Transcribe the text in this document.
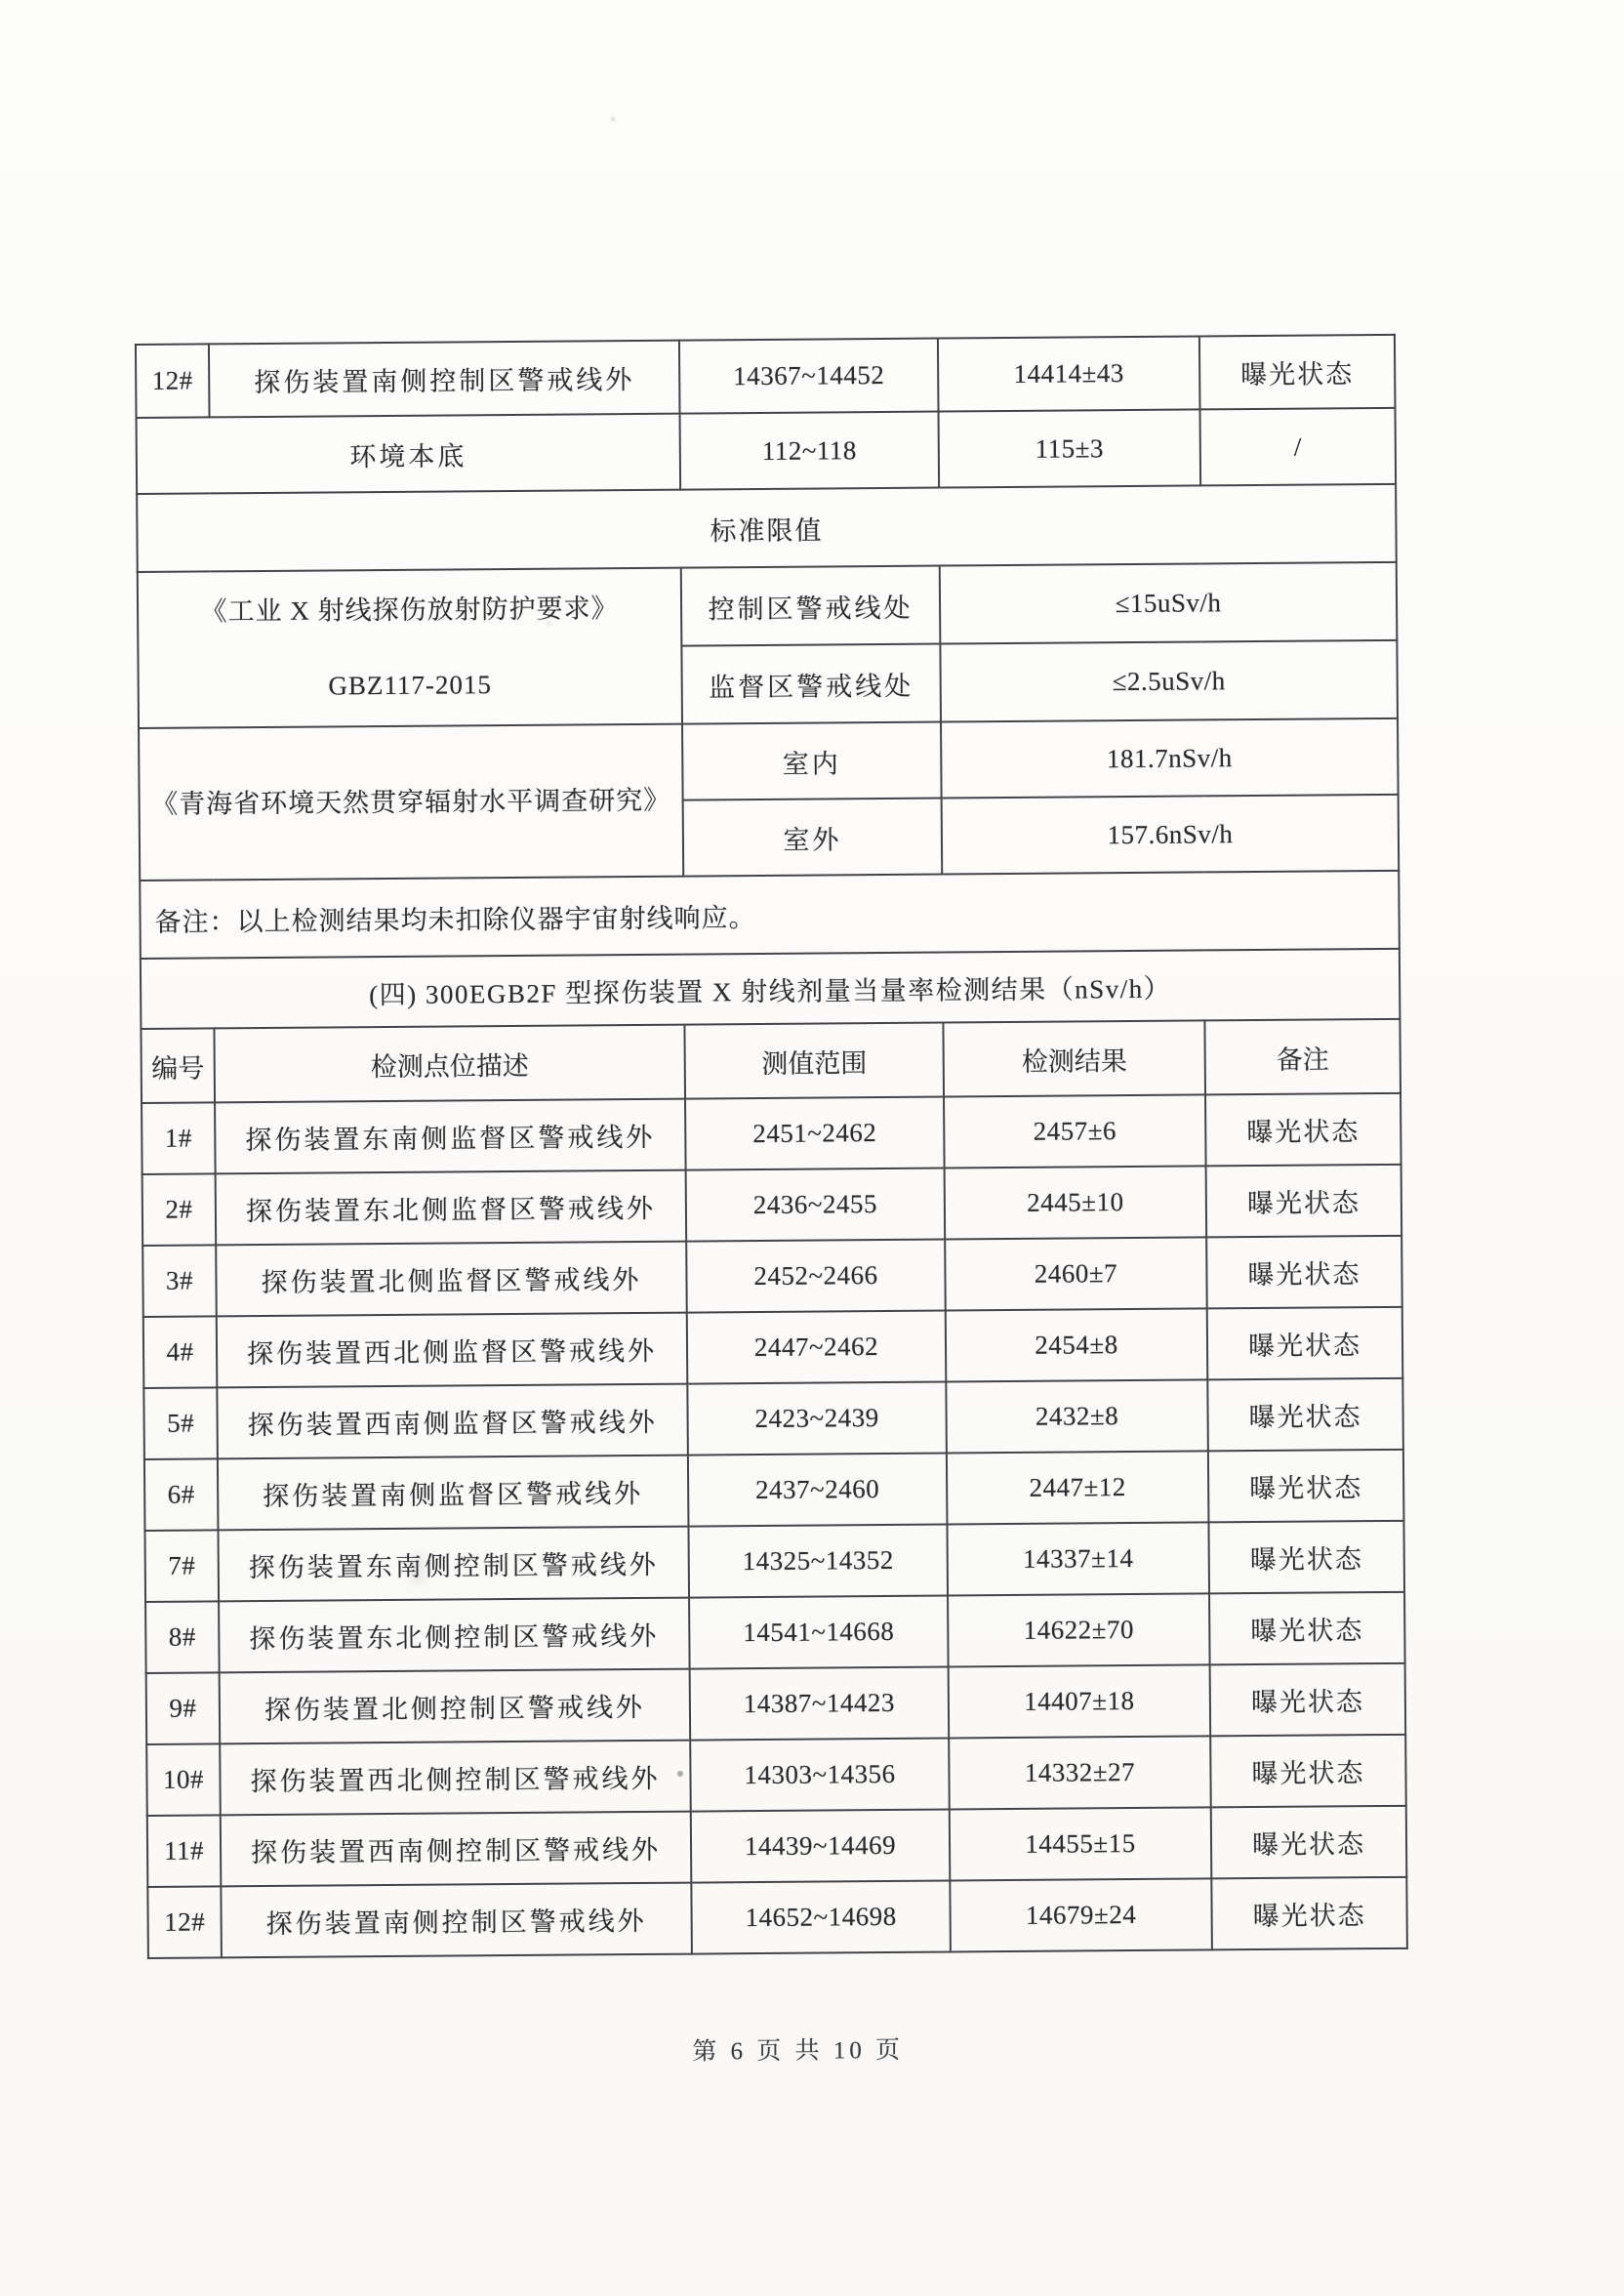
12#	探伤装置南侧控制区警戒线外	14367~14452	14414±43	曝光状态
环境本底		112~118	115±3	/
标准限值				
《工业 X 射线探伤放射防护要求》
GBZ117-2015		控制区警戒线处	≤15uSv/h	
		监督区警戒线处	≤2.5uSv/h	
《青海省环境天然贯穿辐射水平调查研究》		室内	181.7nSv/h	
		室外	157.6nSv/h	
备注：以上检测结果均未扣除仪器宇宙射线响应。				
(四) 300EGB2F 型探伤装置 X 射线剂量当量率检测结果（nSv/h）				
编号	检测点位描述	测值范围	检测结果	备注
1#	探伤装置东南侧监督区警戒线外	2451~2462	2457±6	曝光状态
2#	探伤装置东北侧监督区警戒线外	2436~2455	2445±10	曝光状态
3#	探伤装置北侧监督区警戒线外	2452~2466	2460±7	曝光状态
4#	探伤装置西北侧监督区警戒线外	2447~2462	2454±8	曝光状态
5#	探伤装置西南侧监督区警戒线外	2423~2439	2432±8	曝光状态
6#	探伤装置南侧监督区警戒线外	2437~2460	2447±12	曝光状态
7#	探伤装置东南侧控制区警戒线外	14325~14352	14337±14	曝光状态
8#	探伤装置东北侧控制区警戒线外	14541~14668	14622±70	曝光状态
9#	探伤装置北侧控制区警戒线外	14387~14423	14407±18	曝光状态
10#	探伤装置西北侧控制区警戒线外	14303~14356	14332±27	曝光状态
11#	探伤装置西南侧控制区警戒线外	14439~14469	14455±15	曝光状态
12#	探伤装置南侧控制区警戒线外	14652~14698	14679±24	曝光状态
第 6 页 共 10 页
